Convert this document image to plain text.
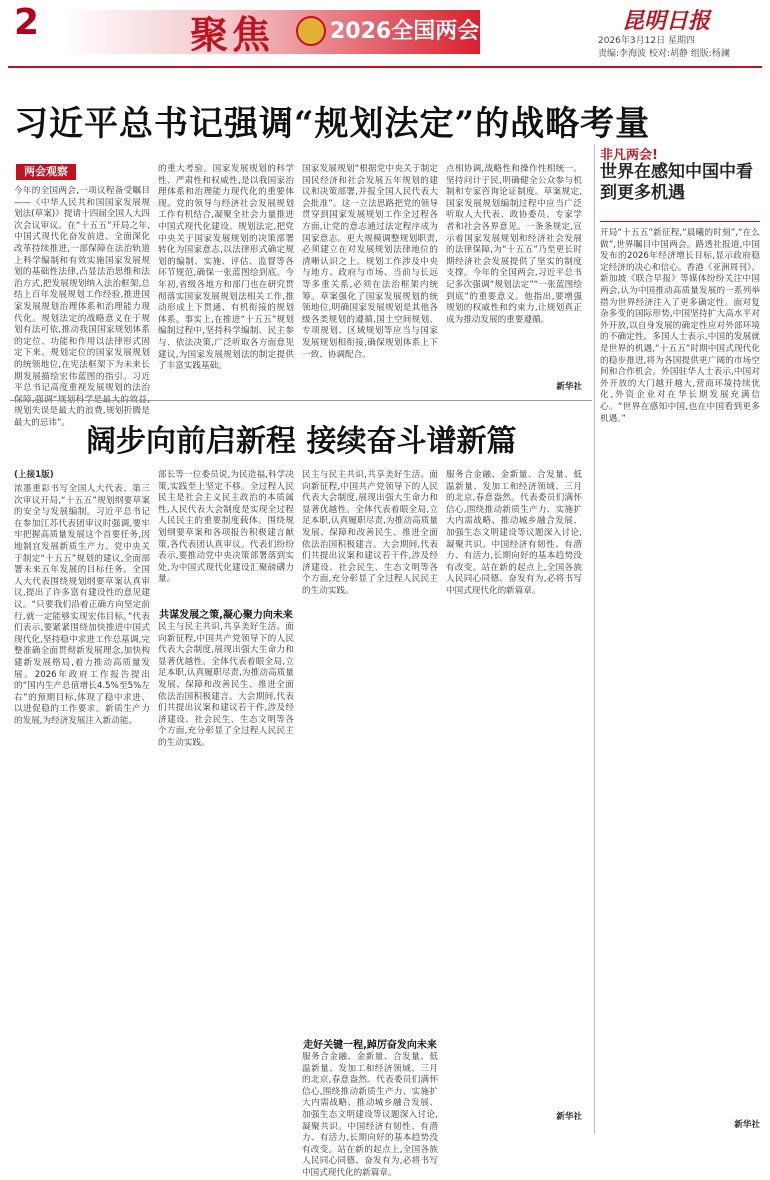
2	聚焦	2026全国两会	昆明日报
2026年3月12日 星期四
责编:李海波 校对:胡静 组版:杨澜
习近平总书记强调“规划法定”的战略考量
两会观察
今年的全国两会,一项议程备受瞩目——《中华人民共和国国家发展规划法(草案)》提请十四届全国人大四次会议审议。在“十五五”开局之年,中国式现代化奋发前进、全面深化改革持续推进,一部保障在法治轨道上科学编制和有效实施国家发展规划的基础性法律,凸显法治思维和法治方式,把发展规划纳入法治框架,总结上百年发展规划工作经验,推进国家发展规划治理体系和治理能力现代化。规划法定的战略意义在于规划有法可依,推动我国国家规划体系的定位、功能和作用以法律形式固定下来。规划定位的国家发展规划的统领地位,在宪法框架下为未来长期发展描绘宏伟蓝图的指引。习近平总书记高度重视发展规划的法治 规划失误是最大的浪费,规划折腾是最大的忌讳”。
的重大考验。国家发展规划的科学性、严肃性和权威性,是以我国家治理体系和治理能力现代化的重要体现。党的领导与经济社会发展规划工作有机结合,凝聚全社会力量推进中国式现代化建设。规划法定,把党中央关于国家发展规划的决策部署转化为国家意志,以法律形式确定规划的编制、实施、评估、监督等各环节规范,确保一张蓝图绘到底。今年初,省级各地方和部门也在研究贯彻落实国家发展规划法相关工作,推动形成上下贯通、有机衔接的规划体系。事实上,在推进“十五五”规划编制过程中,坚持科学编制、民主参与、依法决策,广泛听取各方面意见建议,为国家发展规划法的制定提供了丰富实践基础。
国家发展规划“根据党中央关于制定国民经济和社会发展五年规划的建议和决策部署,并报全国人民代表大会批准”。这一立法思路把党的领导贯穿到国家发展规划工作全过程各方面,让党的意志通过法定程序成为国家意志。更大规模调整规划职责,必须建立在对发展规划法律地位的清晰认识之上。规划工作涉及中央与地方、政府与市场、当前与长远等多重关系,必须在法治框架内统筹。草案强化了国家发展规划的统领地位,明确国家发展规划是其他各级各类规划的遵循,国土空间规划、专项规划、区域规划等应当与国家发展规划相衔接,确保规划体系上下一致、协调配合。
点相协调,战略性和操作性相统一。坚持问计于民,明确健全公众参与机制和专家咨询论证制度。草案规定,国家发展规划编制过程中应当广泛听取人大代表、政协委员、专家学者和社会各界意见。一条条规定,宣示着国家发展规划和经济社会发展的法律保障,为“十五五”乃至更长时期经济社会发展提供了坚实的制度支撑。今年的全国两会,习近平总书记多次强调“规划法定”“一张蓝图绘到底”的重要意义。他指出,要增强规划的权威性和约束力,让规划真正成为推动发展的重要遵循。
新华社
非凡两会!
世界在感知中国中看到更多机遇
开局“十五五”新征程,“晨曦的时刻”,“在么做”,世界瞩目中国两会。路透社报道,中国发布的2026年经济增长目标,显示政府稳定经济的决心和信心。香港《亚洲周刊》、新加坡《联合早报》等媒体纷纷关注中国两会,认为中国推动高质量发展的一系列举措为世界经济注入了更多确定性。面对复杂多变的国际形势,中国坚持扩大高水平对外开放,以自身发展的确定性应对外部环境的不确定性。多国人士表示,中国的发展就是世界的机遇,“十五五”时期中国式现代化的稳步推进,将为各国提供更广阔的市场空间和合作机会。外国驻华人士表示,中国对外开放的大门越开越大,营商环境持续优化,外资企业对在华长期发展充满信心。“世界在感知中国,也在中国看到更多机遇。”
新华社
阔步向前启新程 接续奋斗谱新篇
(上接1版)
浓墨重彩书写全国人大代表、第三次审议开局,“十五五”规划纲要草案的安全与发展编制。习近平总书记在参加江苏代表团审议时强调,要牢牢把握高质量发展这个首要任务,因地制宜发展新质生产力。党中央关于制定“十五五”规划的建议,全面部署未来五年发展的目标任务。全国人大代表围绕规划纲要草案认真审议,提出了许多富有建设性的意见建议。“只要我们沿着正确方向坚定前行,就一定能够实现宏伟目标。”代表们表示,要紧紧围绕加快推进中国式现代化,坚持稳中求进工作总基调,完整准确全面贯彻新发展理念,加快构建新发展格局,着力推动高质量发展。2026年政府工作报告提出的“国内生产总值增长4.5%至5%左右”的预期目标,体现了稳中求进、以进促稳的工作要求。新质生产力的发展,为经济发展注入新动能。
部长等一位委员说,为民造福,科学决策,实践至上坚定不移。全过程人民民主是社会主义民主政治的本质属性,人民代表大会制度是实现全过程人民民主的重要制度载体。围绕规划纲要草案和各项报告积极建言献策,各代表团认真审议。代表们纷纷表示,要推动党中央决策部署落到实处,为中国式现代化建设汇聚磅礴力量。
共谋发展之策,凝心聚力向未来
民主与民主共识,共享美好生活。面向新征程,中国共产党领导下的人民代表大会制度,展现出强大生命力和显著优越性。全体代表着眼全局,立足本职,认真履职尽责,为推动高质量发展、保障和改善民生、推进全面依法治国积极建言。大会期间,代表们共提出议案和建议若干件,涉及经济建设、社会民生、生态文明等各个方面,充分彰显了全过程人民民主的生动实践。
民主与民主共识,共享美好生活。面向新征程,中国共产党领导下的人民代表大会制度,展现出强大生命力和显著优越性。全体代表着眼全局,立足本职,认真履职尽责,为推动高质量发展、保障和改善民生、推进全面依法治国积极建言。大会期间,代表们共提出议案和建议若干件,涉及经济建设、社会民生、生态文明等各个方面,充分彰显了全过程人民民主的生动实践。
走好关键一程,踔厉奋发向未来
服务合金融、金新量、合发量、低温新量、发加工和经济领域、三月的北京,春意盎然。代表委员们满怀信心,围绕推动新质生产力、实施扩大内需战略、推动城乡融合发展、加强生态文明建设等议题深入讨论,凝聚共识。中国经济有韧性、有潜力、有活力,长期向好的基本趋势没有改变。站在新的起点上,全国各族人民同心同德、奋发有为,必将书写中国式现代化的新篇章。
服务合金融、金新量、合发量、低温新量、发加工和经济领域、三月的北京,春意盎然。代表委员们满怀信心,围绕推动新质生产力、实施扩大内需战略、推动城乡融合发展、加强生态文明建设等议题深入讨论,凝聚共识。中国经济有韧性、有潜力、有活力,长期向好的基本趋势没有改变。站在新的起点上,全国各族人民同心同德、奋发有为,必将书写中国式现代化的新篇章。
新华社
